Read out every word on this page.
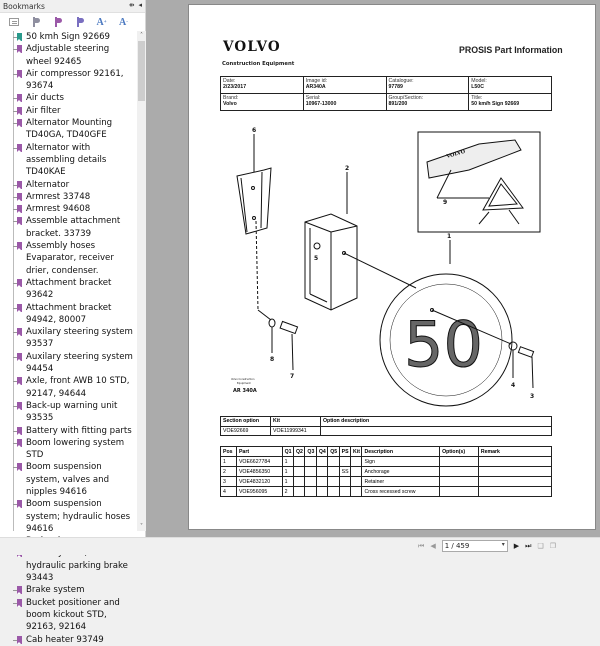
Bookmarks	⇻ ◂
A + A -
50 kmh Sign 92669
Adjustable steering wheel 92465
Air compressor 92161, 93674
Air ducts
Air filter
Alternator Mounting TD40GA, TD40GFE
Alternator with assembling details TD40KAE
Alternator
Armrest 33748
Armrest 94608
Assemble attachment bracket. 33739
Assembly hoses Evaparator, receiver drier, condenser.
Attachment bracket 93642
Attachment bracket 94942, 80007
Auxilary steering system 93537
Auxilary steering system 94454
Axle, front AWB 10 STD, 92147, 94644
Back-up warning unit 93535
Battery with fitting parts
Boom lowering system STD
Boom suspension system, valves and nipples 94616
Boom suspension system; hydraulic hoses 94616
hydraulic parking brake 93443
Brake system
Bucket positioner and boom kickout STD, 92163, 92164
Cab heater 93749
˄
˅
VOLVO
Construction Equipment
PROSIS Part Information
Date:
2/23/2017	Image id:
AR340A	Catalogue:
97789	Model:
L50C

Brand:
Volvo	Serial:
10967-13000	Group/Section:
891/200	Title:
50 km/h Sign 92669
50
6
2
5
8
7
1
4
3
9
VOLVO
Volvo Construction
Equipment
AR 340A
Section option	Kit	Option description
VOE92669	VOE11999341	
Pos	Part	Q1	Q2	Q3	Q4	Q5	PS	Kit	Description	Option(s)	Remark
1	VOE6627784	1							Sign		
2	VOE4856350	1					SS		Anchorage		
3	VOE4832120	1							Retainer		
4	VOE956095	2							Cross recessed screw		
⏮ ◀ 1 / 459	▾ ▶ ⏭ ❑ ❐
